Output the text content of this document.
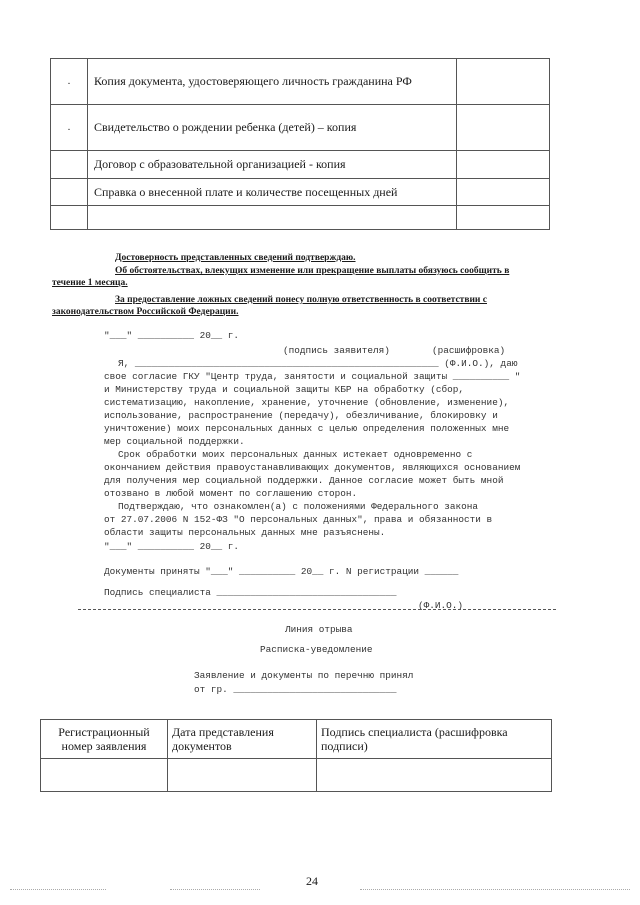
.	Копия документа, удостоверяющего личность гражданина РФ	
.	Свидетельство о рождении ребенка (детей) – копия	
	Договор с образовательной организацией - копия	
	Справка о внесенной плате и количестве посещенных дней	

Достоверность представленных сведений подтверждаю.
Об обстоятельствах, влекущих изменение или прекращение выплаты обязуюсь сообщить в
течение 1 месяца.
За предоставление ложных сведений понесу полную ответственность в соответствии с
законодательством Российской Федерации.
"___" __________ 20__ г.
(подпись заявителя)	(расшифровка)
Я, ______________________________________________________ (Ф.И.О.), даю
свое согласие ГКУ "Центр труда, занятости и социальной защиты __________ "
и Министерству труда и социальной защиты КБР на обработку (сбор,
систематизацию, накопление, хранение, уточнение (обновление, изменение),
использование, распространение (передачу), обезличивание, блокировку и
уничтожение) моих персональных данных с целью определения положенных мне
мер социальной поддержки.
Срок обработки моих персональных данных истекает одновременно с
окончанием действия правоустанавливающих документов, являющихся основанием
для получения мер социальной поддержки. Данное согласие может быть мной
отозвано в любой момент по соглашению сторон.
Подтверждаю, что ознакомлен(а) с положениями Федерального закона
от 27.07.2006 N 152-ФЗ "О персональных данных", права и обязанности в
области защиты персональных данных мне разъяснены.
"___" __________ 20__ г.
Документы приняты "___" __________ 20__ г. N регистрации ______
Подпись специалиста ________________________________
(Ф.И.О.)
Линия отрыва
Расписка-уведомление
Заявление и документы по перечню принял
от гр. _____________________________
Регистрационный номер заявления	Дата представления документов	Подпись специалиста (расшифровка подписи)

24
